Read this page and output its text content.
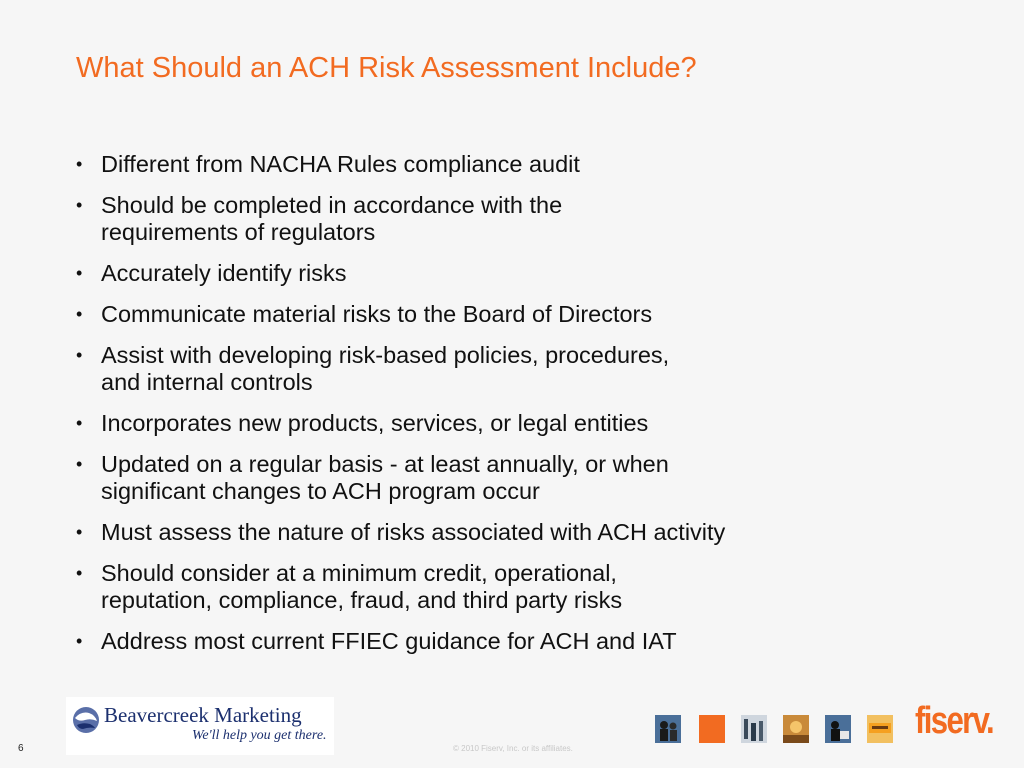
What Should an ACH Risk Assessment Include?
• Different from NACHA Rules compliance audit
• Should be completed in accordance with the
requirements of regulators
• Accurately identify risks
• Communicate material risks to the Board of Directors
• Assist with developing risk-based policies, procedures,
and internal controls
• Incorporates new products, services, or legal entities
• Updated on a regular basis - at least annually, or when
significant changes to ACH program occur
• Must assess the nature of risks associated with ACH activity
• Should consider at a minimum credit, operational,
reputation, compliance, fraud, and third party risks
• Address most current FFIEC guidance for ACH and IAT
Beavercreek Marketing
We'll help you get there.
6	© 2010 Fiserv, Inc. or its affiliates.
fiserv.
